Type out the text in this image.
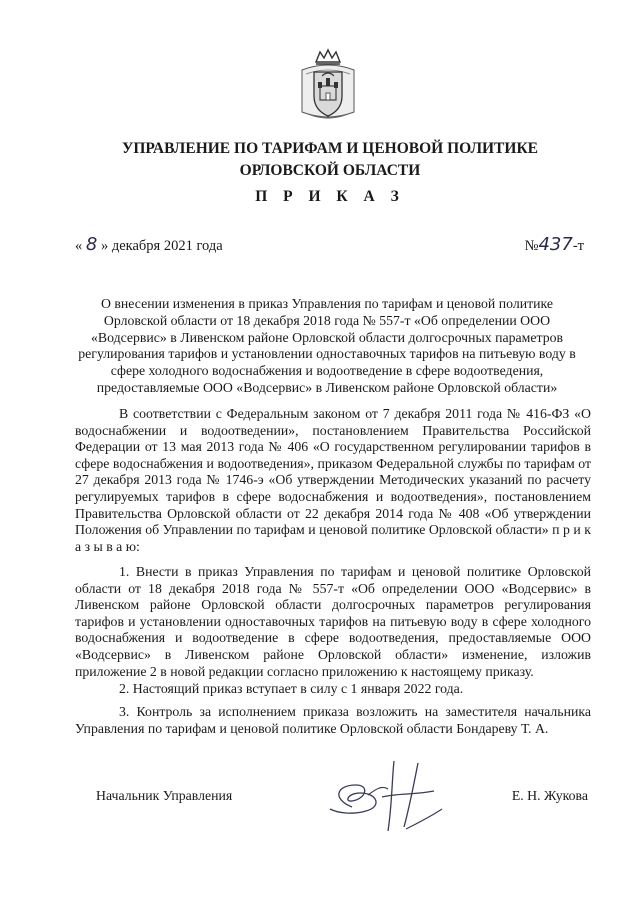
УПРАВЛЕНИЕ ПО ТАРИФАМ И ЦЕНОВОЙ ПОЛИТИКЕ
ОРЛОВСКОЙ ОБЛАСТИ
П Р И К А З
« 8 » декабря 2021 года	№437-т
О внесении изменения в приказ Управления по тарифам и ценовой политике Орловской области от 18 декабря 2018 года № 557-т «Об определении ООО «Водсервис» в Ливенском районе Орловской области долгосрочных параметров регулирования тарифов и установлении одноставочных тарифов на питьевую воду в сфере холодного водоснабжения и водоотведение в сфере водоотведения, предоставляемые ООО «Водсервис» в Ливенском районе Орловской области»
В соответствии с Федеральным законом от 7 декабря 2011 года № 416-ФЗ «О водоснабжении и водоотведении», постановлением Правительства Российской Федерации от 13 мая 2013 года № 406 «О государственном регулировании тарифов в сфере водоснабжения и водоотведения», приказом Федеральной службы по тарифам от 27 декабря 2013 года № 1746-э «Об утверждении Методических указаний по расчету регулируемых тарифов в сфере водоснабжения и водоотведения», постановлением Правительства Орловской области от 22 декабря 2014 года № 408 «Об утверждении Положения об Управлении по тарифам и ценовой политике Орловской области» п р и к а з ы в а ю:
1. Внести в приказ Управления по тарифам и ценовой политике Орловской области от 18 декабря 2018 года № 557-т «Об определении ООО «Водсервис» в Ливенском районе Орловской области долгосрочных параметров регулирования тарифов и установлении одноставочных тарифов на питьевую воду в сфере холодного водоснабжения и водоотведение в сфере водоотведения, предоставляемые ООО «Водсервис» в Ливенском районе Орловской области» изменение, изложив приложение 2 в новой редакции согласно приложению к настоящему приказу.
2. Настоящий приказ вступает в силу с 1 января 2022 года.
3. Контроль за исполнением приказа возложить на заместителя начальника Управления по тарифам и ценовой политике Орловской области Бондареву Т. А.
Начальник Управления	Е. Н. Жукова
